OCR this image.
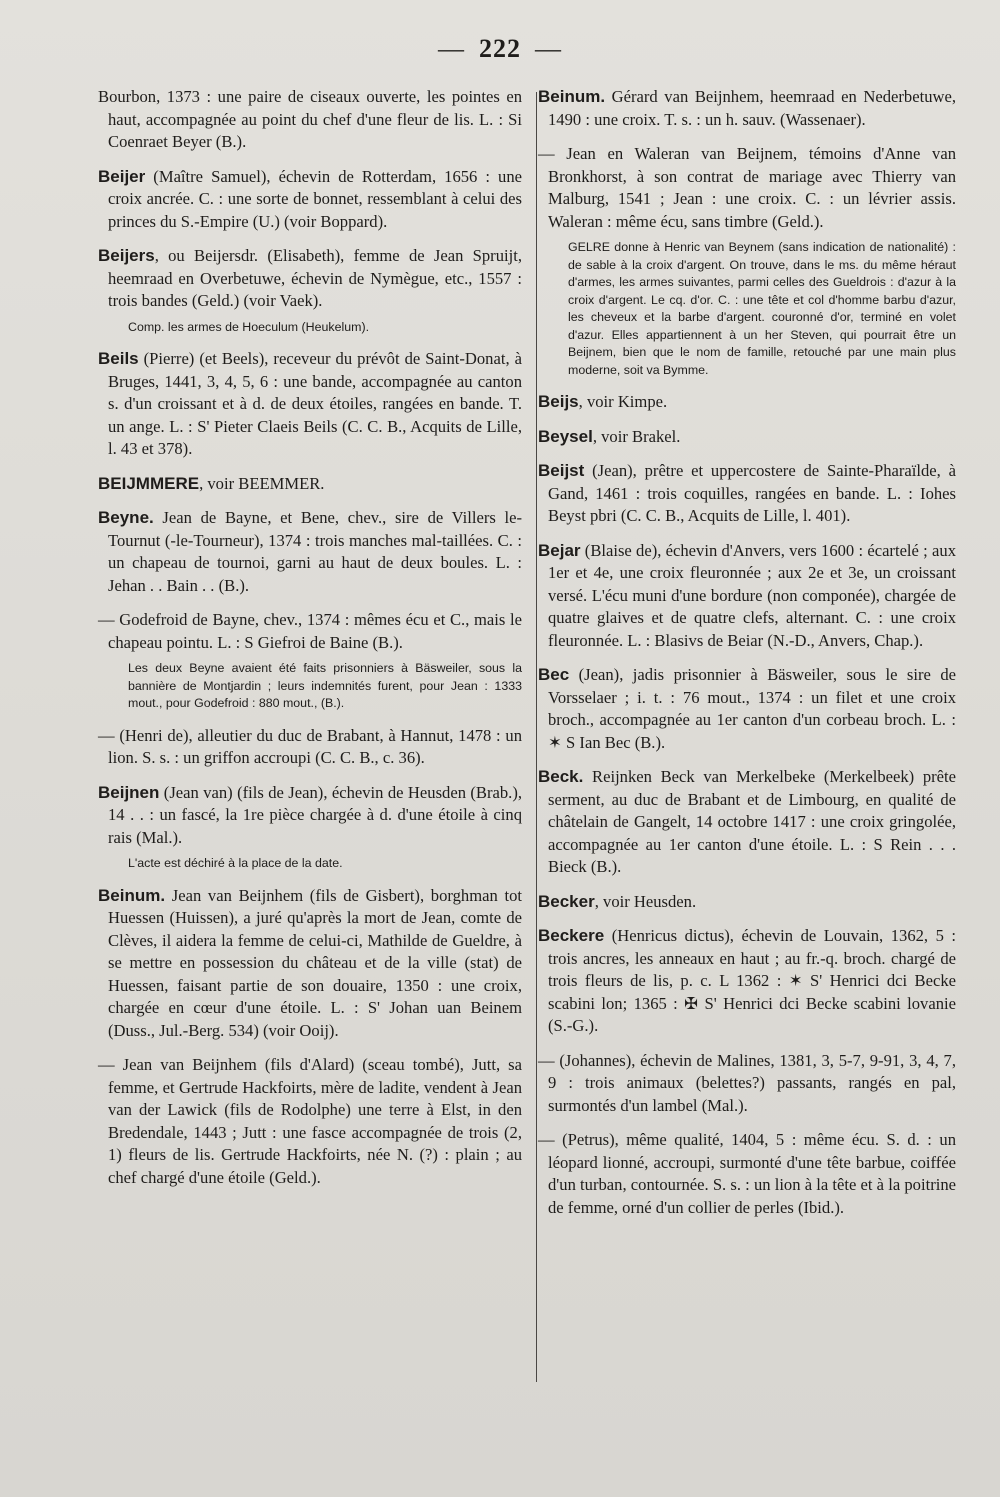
— 222 —

Bourbon, 1373 : une paire de ciseaux ouverte, les pointes en haut, accompagnée au point du chef d'une fleur de lis. L. : Si Coenraet Beyer (B.).

Beijer (Maître Samuel), échevin de Rotterdam, 1656 : une croix ancrée. C. : une sorte de bonnet, ressemblant à celui des princes du S.-Empire (U.) (voir Boppard).

Beijers, ou Beijersdr. (Elisabeth), femme de Jean Spruijt, heemraad en Overbetuwe, échevin de Nymègue, etc., 1557 : trois bandes (Geld.) (voir Vaek).

Comp. les armes de Hoeculum (Heukelum).

Beils (Pierre) (et Beels), receveur du prévôt de Saint-Donat, à Bruges, 1441, 3, 4, 5, 6 : une bande, accompagnée au canton s. d'un croissant et à d. de deux étoiles, rangées en bande. T. un ange. L. : S' Pieter Claeis Beils (C. C. B., Acquits de Lille, l. 43 et 378).

BEIJMMERE, voir BEEMMER.

Beyne. Jean de Bayne, et Bene, chev., sire de Villers le-Tournut (-le-Tourneur), 1374 : trois manches mal-taillées. C. : un chapeau de tournoi, garni au haut de deux boules. L. : Jehan . . Bain . . (B.).

— Godefroid de Bayne, chev., 1374 : mêmes écu et C., mais le chapeau pointu. L. : S Giefroi de Baine (B.).

Les deux Beyne avaient été faits prisonniers à Bäsweiler, sous la bannière de Montjardin ; leurs indemnités furent, pour Jean : 1333 mout., pour Godefroid : 880 mout., (B.).

— (Henri de), alleutier du duc de Brabant, à Hannut, 1478 : un lion. S. s. : un griffon accroupi (C. C. B., c. 36).

Beijnen (Jean van) (fils de Jean), échevin de Heusden (Brab.), 14 . . : un fascé, la 1re pièce chargée à d. d'une étoile à cinq rais (Mal.).

L'acte est déchiré à la place de la date.

Beinum. Jean van Beijnhem (fils de Gisbert), borghman tot Huessen (Huissen), a juré qu'après la mort de Jean, comte de Clèves, il aidera la femme de celui-ci, Mathilde de Gueldre, à se mettre en possession du château et de la ville (stat) de Huessen, faisant partie de son douaire, 1350 : une croix, chargée en cœur d'une étoile. L. : S' Johan uan Beinem (Duss., Jul.-Berg. 534) (voir Ooij).

— Jean van Beijnhem (fils d'Alard) (sceau tombé), Jutt, sa femme, et Gertrude Hackfoirts, mère de ladite, vendent à Jean van der Lawick (fils de Rodolphe) une terre à Elst, in den Bredendale, 1443 ; Jutt : une fasce accompagnée de trois (2, 1) fleurs de lis. Gertrude Hackfoirts, née N. (?) : plain ; au chef chargé d'une étoile (Geld.).

Beinum. Gérard van Beijnhem, heemraad en Nederbetuwe, 1490 : une croix. T. s. : un h. sauv. (Wassenaer).

— Jean en Waleran van Beijnem, témoins d'Anne van Bronkhorst, à son contrat de mariage avec Thierry van Malburg, 1541 ; Jean : une croix. C. : un lévrier assis. Waleran : même écu, sans timbre (Geld.).

GELRE donne à Henric van Beynem (sans indication de nationalité) : de sable à la croix d'argent. On trouve, dans le ms. du même héraut d'armes, les armes suivantes, parmi celles des Gueldrois : d'azur à la croix d'argent. Le cq. d'or. C. : une tête et col d'homme barbu d'azur, les cheveux et la barbe d'argent. couronné d'or, terminé en volet d'azur. Elles appartiennent à un her Steven, qui pourrait être un Beijnem, bien que le nom de famille, retouché par une main plus moderne, soit va Bymme.

Beijs, voir Kimpe.

Beysel, voir Brakel.

Beijst (Jean), prêtre et uppercostere de Sainte-Pharaïlde, à Gand, 1461 : trois coquilles, rangées en bande. L. : Iohes Beyst pbri (C. C. B., Acquits de Lille, l. 401).

Bejar (Blaise de), échevin d'Anvers, vers 1600 : écartelé ; aux 1er et 4e, une croix fleuronnée ; aux 2e et 3e, un croissant versé. L'écu muni d'une bordure (non componée), chargée de quatre glaives et de quatre clefs, alternant. C. : une croix fleuronnée. L. : Blasivs de Beiar (N.-D., Anvers, Chap.).

Bec (Jean), jadis prisonnier à Bäsweiler, sous le sire de Vorsselaer ; i. t. : 76 mout., 1374 : un filet et une croix broch., accompagnée au 1er canton d'un corbeau broch. L. : ✶ S Ian Bec (B.).

Beck. Reijnken Beck van Merkelbeke (Merkelbeek) prête serment, au duc de Brabant et de Limbourg, en qualité de châtelain de Gangelt, 14 octobre 1417 : une croix gringolée, accompagnée au 1er canton d'une étoile. L. : S Rein . . . Bieck (B.).

Becker, voir Heusden.

Beckere (Henricus dictus), échevin de Louvain, 1362, 5 : trois ancres, les anneaux en haut ; au fr.-q. broch. chargé de trois fleurs de lis, p. c. L 1362 : ✶ S' Henrici dci Becke scabini lon; 1365 : ✠ S' Henrici dci Becke scabini lovanie (S.-G.).

— (Johannes), échevin de Malines, 1381, 3, 5-7, 9-91, 3, 4, 7, 9 : trois animaux (belettes?) passants, rangés en pal, surmontés d'un lambel (Mal.).

— (Petrus), même qualité, 1404, 5 : même écu. S. d. : un léopard lionné, accroupi, surmonté d'une tête barbue, coiffée d'un turban, contournée. S. s. : un lion à la tête et à la poitrine de femme, orné d'un collier de perles (Ibid.).
